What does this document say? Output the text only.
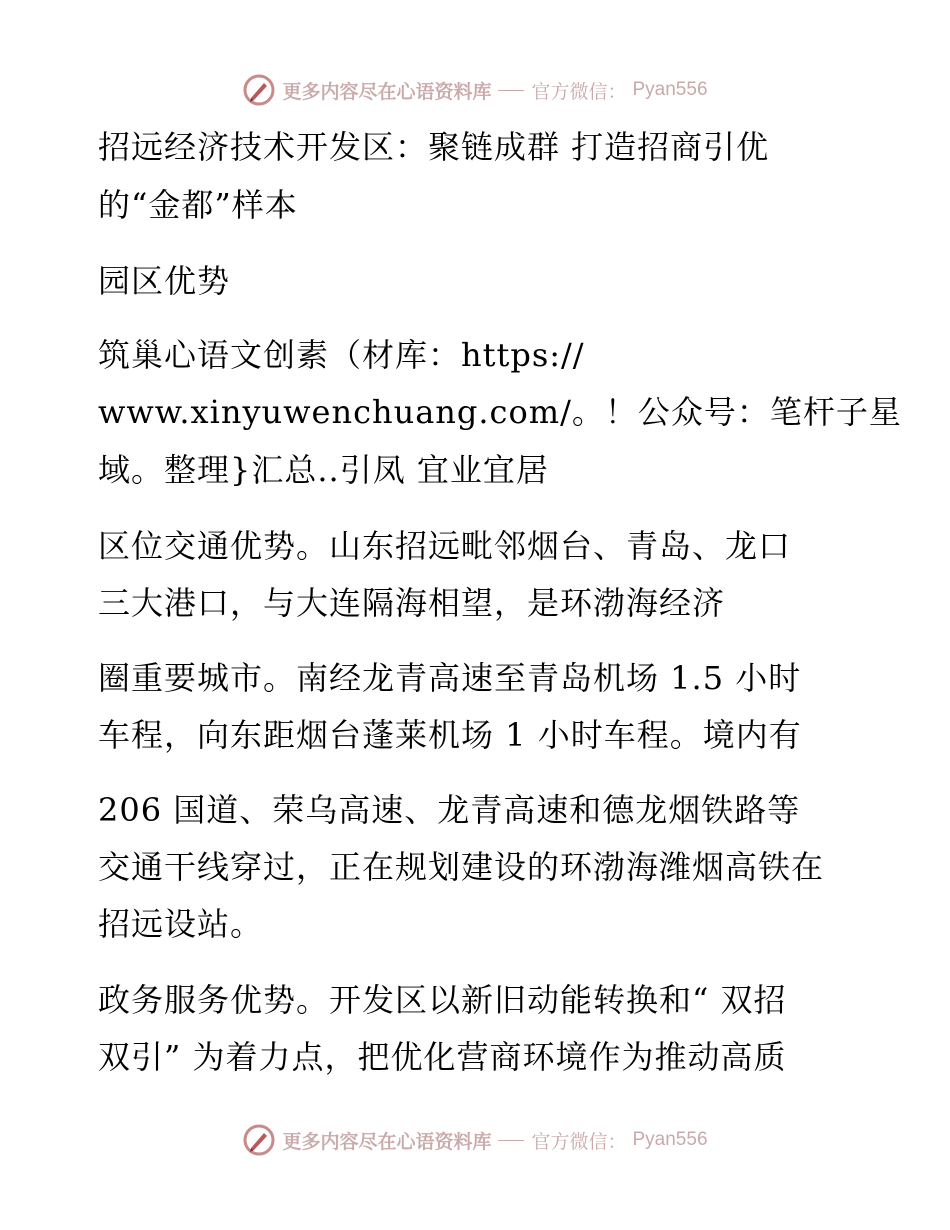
更多内容尽在心语资料库 官方微信： Pyan556
招远经济技术开发区：聚链成群 打造招商引优
的“金都”样本
园区优势
筑巢心语文创素（材库：https://
www.xinyuwenchuang.com/。！公众号：笔杆子星
域。整理}汇总..引凤 宜业宜居
区位交通优势。山东招远毗邻烟台、青岛、龙口
三大港口，与大连隔海相望，是环渤海经济
圈重要城市。南经龙青高速至青岛机场 1.5 小时
车程，向东距烟台蓬莱机场 1 小时车程。境内有
206 国道、荣乌高速、龙青高速和德龙烟铁路等
交通干线穿过，正在规划建设的环渤海潍烟高铁在
招远设站。
政务服务优势。开发区以新旧动能转换和“ 双招
双引” 为着力点，把优化营商环境作为推动高质
更多内容尽在心语资料库 官方微信： Pyan556
